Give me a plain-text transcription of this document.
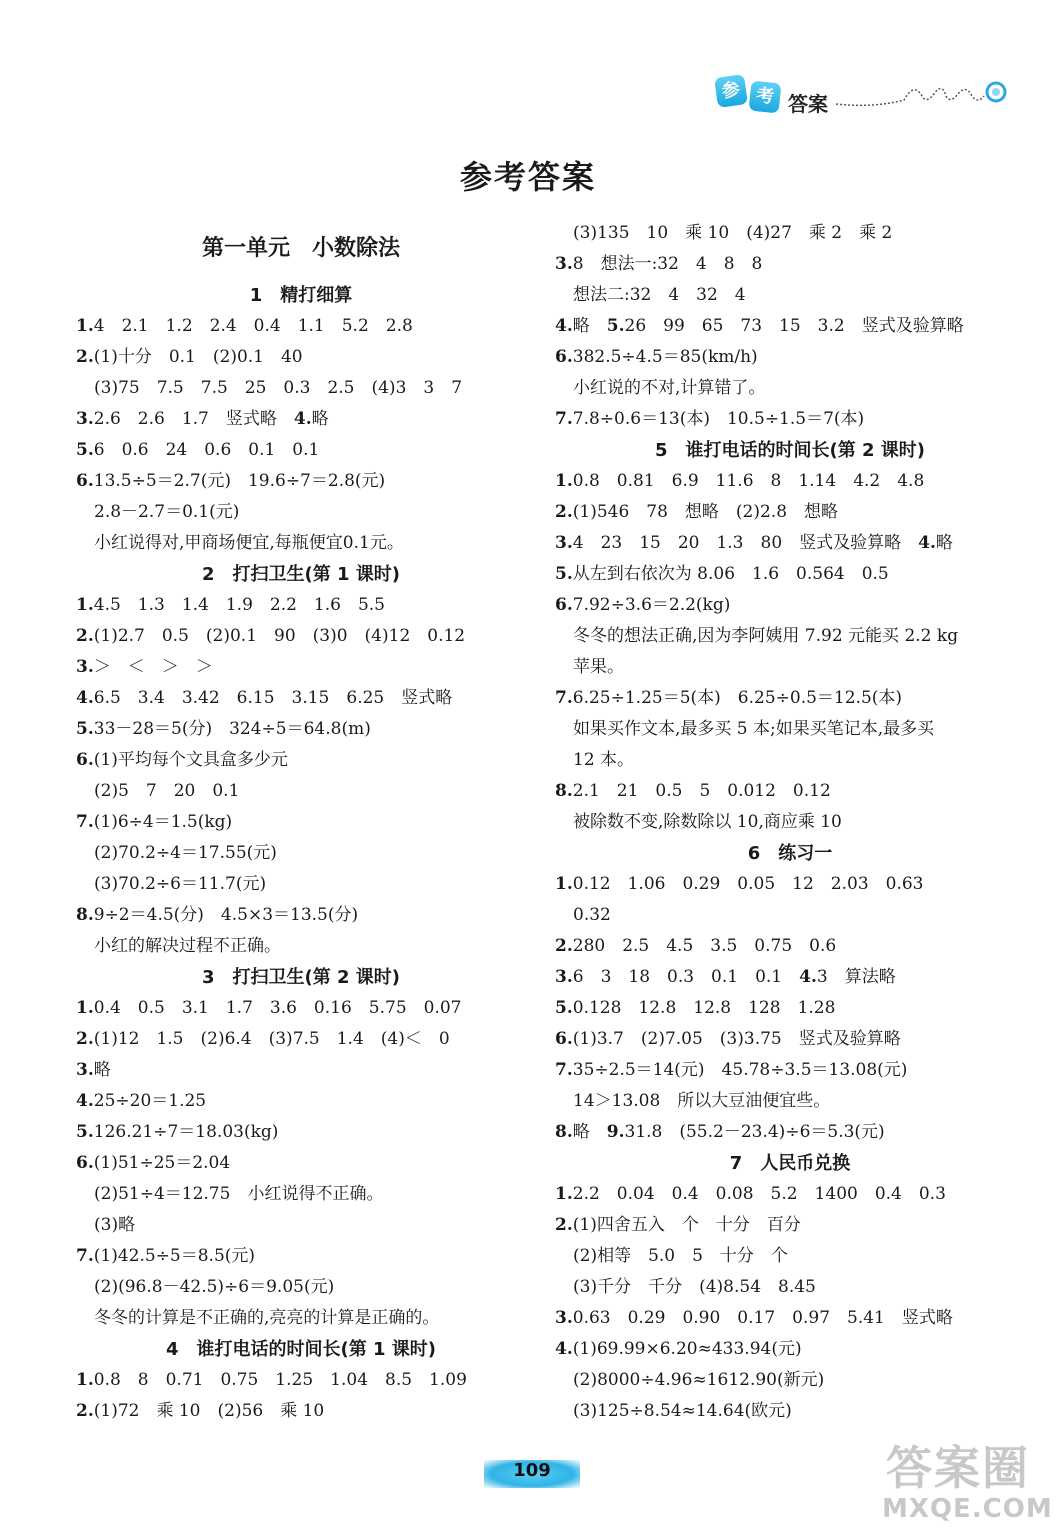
参 考 答案
参考答案
第一单元　小数除法
1　精打细算
1.4　2.1　1.2　2.4　0.4　1.1　5.2　2.8
2.(1)十分　0.1　(2)0.1　40
(3)75　7.5　7.5　25　0.3　2.5　(4)3　3　7
3.2.6　2.6　1.7　竖式略　4.略
5.6　0.6　24　0.6　0.1　0.1
6.13.5÷5＝2.7(元)　19.6÷7＝2.8(元)
2.8－2.7＝0.1(元)
小红说得对,甲商场便宜,每瓶便宜0.1元。
2　打扫卫生(第 1 课时)
1.4.5　1.3　1.4　1.9　2.2　1.6　5.5
2.(1)2.7　0.5　(2)0.1　90　(3)0　(4)12　0.12
3.＞　＜　＞　＞
4.6.5　3.4　3.42　6.15　3.15　6.25　竖式略
5.33－28＝5(分)　324÷5＝64.8(m)
6.(1)平均每个文具盒多少元
(2)5　7　20　0.1
7.(1)6÷4＝1.5(kg)
(2)70.2÷4＝17.55(元)
(3)70.2÷6＝11.7(元)
8.9÷2＝4.5(分)　4.5×3＝13.5(分)
小红的解决过程不正确。
3　打扫卫生(第 2 课时)
1.0.4　0.5　3.1　1.7　3.6　0.16　5.75　0.07
2.(1)12　1.5　(2)6.4　(3)7.5　1.4　(4)＜　0
3.略
4.25÷20＝1.25
5.126.21÷7＝18.03(kg)
6.(1)51÷25＝2.04
(2)51÷4＝12.75　小红说得不正确。
(3)略
7.(1)42.5÷5＝8.5(元)
(2)(96.8－42.5)÷6＝9.05(元)
冬冬的计算是不正确的,亮亮的计算是正确的。
4　谁打电话的时间长(第 1 课时)
1.0.8　8　0.71　0.75　1.25　1.04　8.5　1.09
2.(1)72　乘 10　(2)56　乘 10
(3)135　10　乘 10　(4)27　乘 2　乘 2
3.8　想法一:32　4　8　8
想法二:32　4　32　4
4.略　5.26　99　65　73　15　3.2　竖式及验算略
6.382.5÷4.5＝85(km/h)
小红说的不对,计算错了。
7.7.8÷0.6＝13(本)　10.5÷1.5＝7(本)
5　谁打电话的时间长(第 2 课时)
1.0.8　0.81　6.9　11.6　8　1.14　4.2　4.8
2.(1)546　78　想略　(2)2.8　想略
3.4　23　15　20　1.3　80　竖式及验算略　4.略
5.从左到右依次为 8.06　1.6　0.564　0.5
6.7.92÷3.6＝2.2(kg)
冬冬的想法正确,因为李阿姨用 7.92 元能买 2.2 kg
苹果。
7.6.25÷1.25＝5(本)　6.25÷0.5＝12.5(本)
如果买作文本,最多买 5 本;如果买笔记本,最多买
12 本。
8.2.1　21　0.5　5　0.012　0.12
被除数不变,除数除以 10,商应乘 10
6　练习一
1.0.12　1.06　0.29　0.05　12　2.03　0.63
0.32
2.280　2.5　4.5　3.5　0.75　0.6
3.6　3　18　0.3　0.1　0.1　4.3　算法略
5.0.128　12.8　12.8　128　1.28
6.(1)3.7　(2)7.05　(3)3.75　竖式及验算略
7.35÷2.5＝14(元)　45.78÷3.5＝13.08(元)
14＞13.08　所以大豆油便宜些。
8.略　9.31.8　(55.2－23.4)÷6＝5.3(元)
7　人民币兑换
1.2.2　0.04　0.4　0.08　5.2　1400　0.4　0.3
2.(1)四舍五入　个　十分　百分
(2)相等　5.0　5　十分　个
(3)千分　千分　(4)8.54　8.45
3.0.63　0.29　0.90　0.17　0.97　5.41　竖式略
4.(1)69.99×6.20≈433.94(元)
(2)8000÷4.96≈1612.90(新元)
(3)125÷8.54≈14.64(欧元)
109	答案圈
MXQE.COM
